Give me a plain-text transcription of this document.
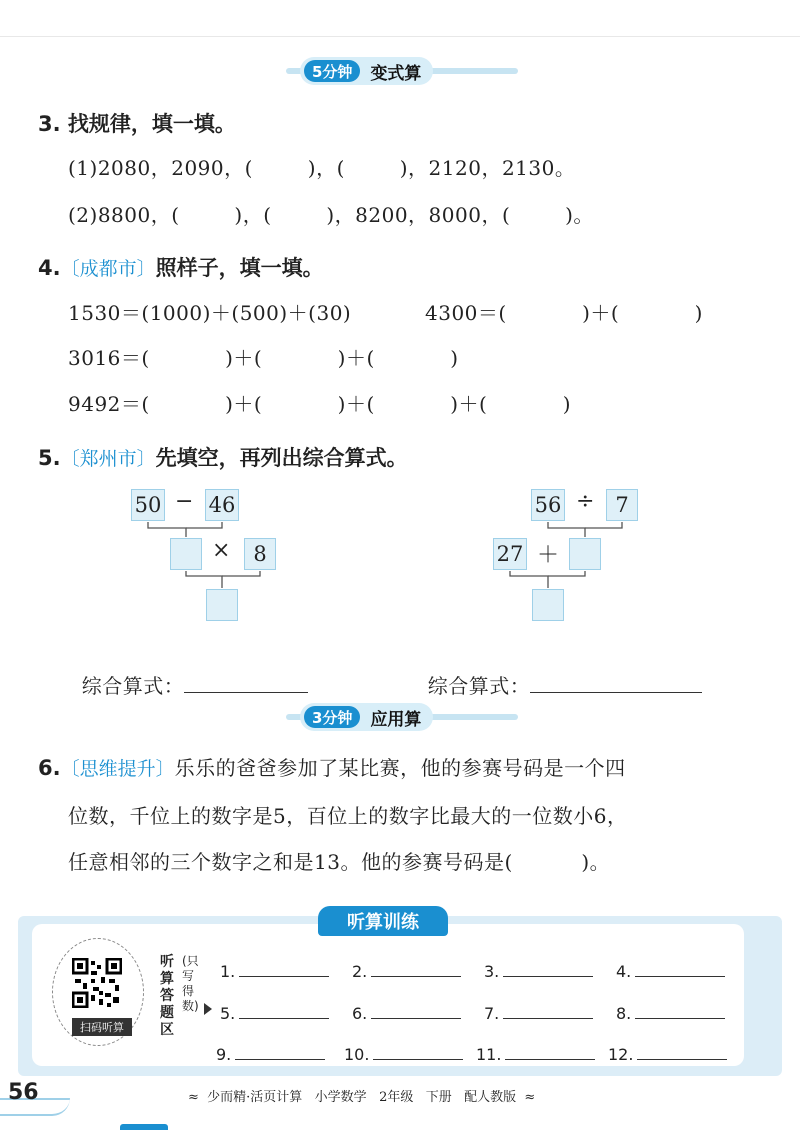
5分钟	变式算
3. 找规律，填一填。
(1)2080，2090，(        )，(        )，2120，2130。
(2)8800，(        )，(        )，8200，8000，(        )。
4.〔成都市〕照样子，填一填。
1530＝(1000)＋(500)＋(30)	4300＝(           )＋(           )
3016＝(           )＋(           )＋(           )
9492＝(           )＋(           )＋(           )＋(           )
5.〔郑州市〕先填空，再列出综合算式。
50 − 46
×	8
56 ÷ 7
27 ＋

综合算式：	综合算式：

3分钟	应用算
6.〔思维提升〕乐乐的爸爸参加了某比赛，他的参赛号码是一个四
位数，千位上的数字是5，百位上的数字比最大的一位数小6，
任意相邻的三个数字之和是13。他的参赛号码是(          )。
扫码听算
听算答题区
(只写得数)
1.	2.	3.	4.
5.	6.	7.	8.
9.	10.	11.	12.
听算训练
56	≈  少而精·活页计算   小学数学   2年级   下册   配人教版  ≈
